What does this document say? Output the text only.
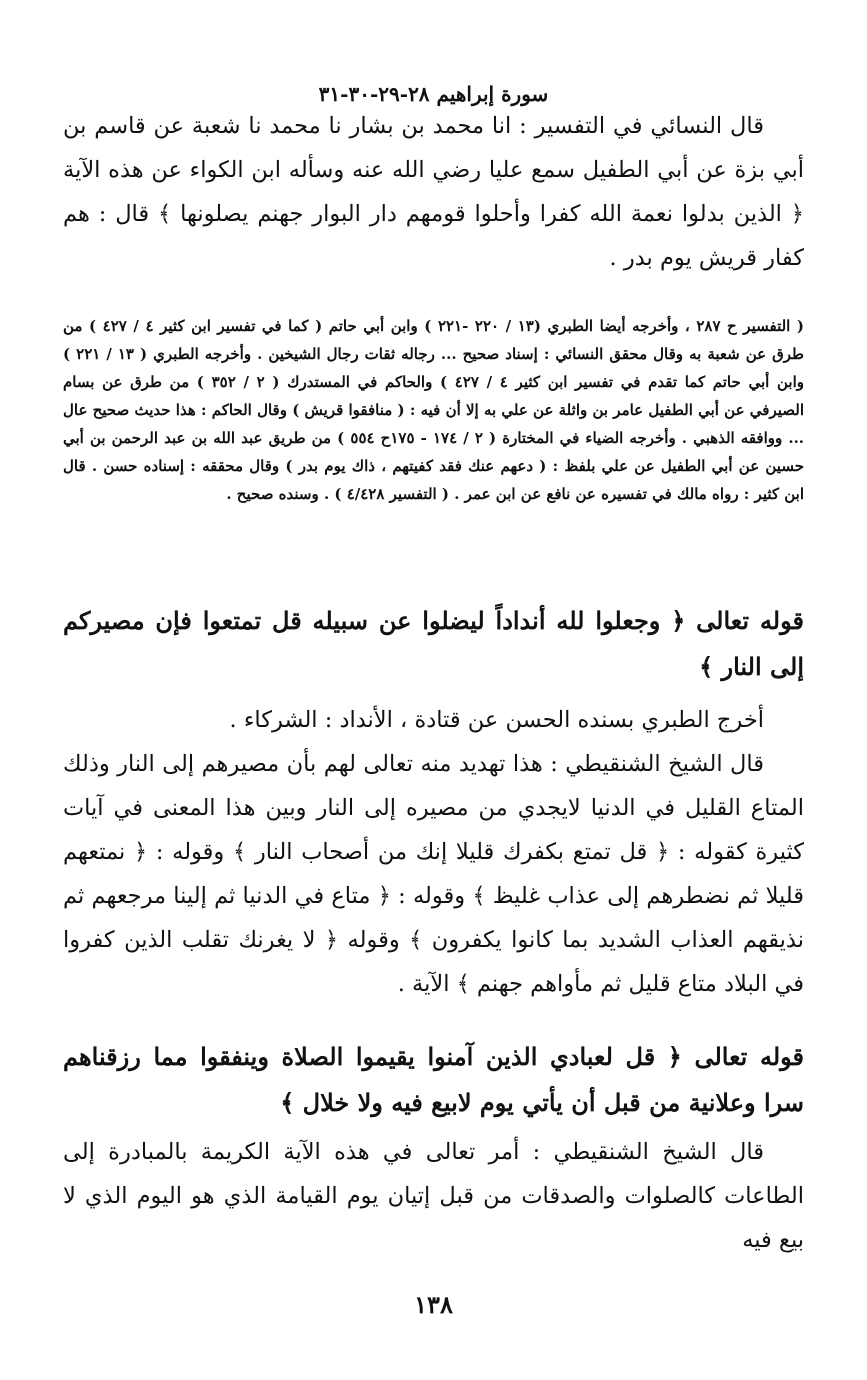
سورة إبراهيم ٢٨-٢٩-٣٠-٣١
قال النسائي في التفسير : انا محمد بن بشار نا محمد نا شعبة عن قاسم بن أبي بزة عن أبي الطفيل سمع عليا رضي الله عنه وسأله ابن الكواء عن هذه الآية ﴿ الذين بدلوا نعمة الله كفرا وأحلوا قومهم دار البوار جهنم يصلونها ﴾ قال : هم كفار قريش يوم بدر .
( التفسير ح ٢٨٧ ، وأخرجه أيضا الطبري (١٣ / ٢٢٠ -٢٢١ ) وابن أبي حاتم ( كما في تفسير ابن كثير ٤ / ٤٢٧ ) من طرق عن شعبة به وقال محقق النسائي : إسناد صحيح ... رجاله ثقات رجال الشيخين . وأخرجه الطبري ( ١٣ / ٢٢١ ) وابن أبي حاتم كما تقدم في تفسير ابن كثير ٤ / ٤٢٧ ) والحاكم في المستدرك ( ٢ / ٣٥٢ ) من طرق عن بسام الصيرفي عن أبي الطفيل عامر بن واثلة عن علي به إلا أن فيه : ( منافقوا قريش ) وقال الحاكم : هذا حديث صحيح عال ... ووافقه الذهبي . وأخرجه الضياء في المختارة ( ٢ / ١٧٤ - ١٧٥ح ٥٥٤ ) من طريق عبد الله بن عبد الرحمن بن أبي حسين عن أبي الطفيل عن علي بلفظ : ( دعهم عنك فقد كفيتهم ، ذاك يوم بدر ) وقال محققه : إسناده حسن . قال ابن كثير : رواه مالك في تفسيره عن نافع عن ابن عمر . ( التفسير ٤/٤٢٨ ) . وسنده صحيح .
قوله تعالى ﴿ وجعلوا لله أنداداً ليضلوا عن سبيله قل تمتعوا فإن مصيركم إلى النار ﴾
أخرج الطبري بسنده الحسن عن قتادة ، الأنداد : الشركاء .
قال الشيخ الشنقيطي : هذا تهديد منه تعالى لهم بأن مصيرهم إلى النار وذلك المتاع القليل في الدنيا لايجدي من مصيره إلى النار وبين هذا المعنى في آيات كثيرة كقوله : ﴿ قل تمتع بكفرك قليلا إنك من أصحاب النار ﴾ وقوله : ﴿ نمتعهم قليلا ثم نضطرهم إلى عذاب غليظ ﴾ وقوله : ﴿ متاع في الدنيا ثم إلينا مرجعهم ثم نذيقهم العذاب الشديد بما كانوا يكفرون ﴾ وقوله ﴿ لا يغرنك تقلب الذين كفروا في البلاد متاع قليل ثم مأواهم جهنم ﴾ الآية .
قوله تعالى ﴿ قل لعبادي الذين آمنوا يقيموا الصلاة وينفقوا مما رزقناهم سرا وعلانية من قبل أن يأتي يوم لابيع فيه ولا خلال ﴾
قال الشيخ الشنقيطي : أمر تعالى في هذه الآية الكريمة بالمبادرة إلى الطاعات كالصلوات والصدقات من قبل إتيان يوم القيامة الذي هو اليوم الذي لا بيع فيه
١٣٨
